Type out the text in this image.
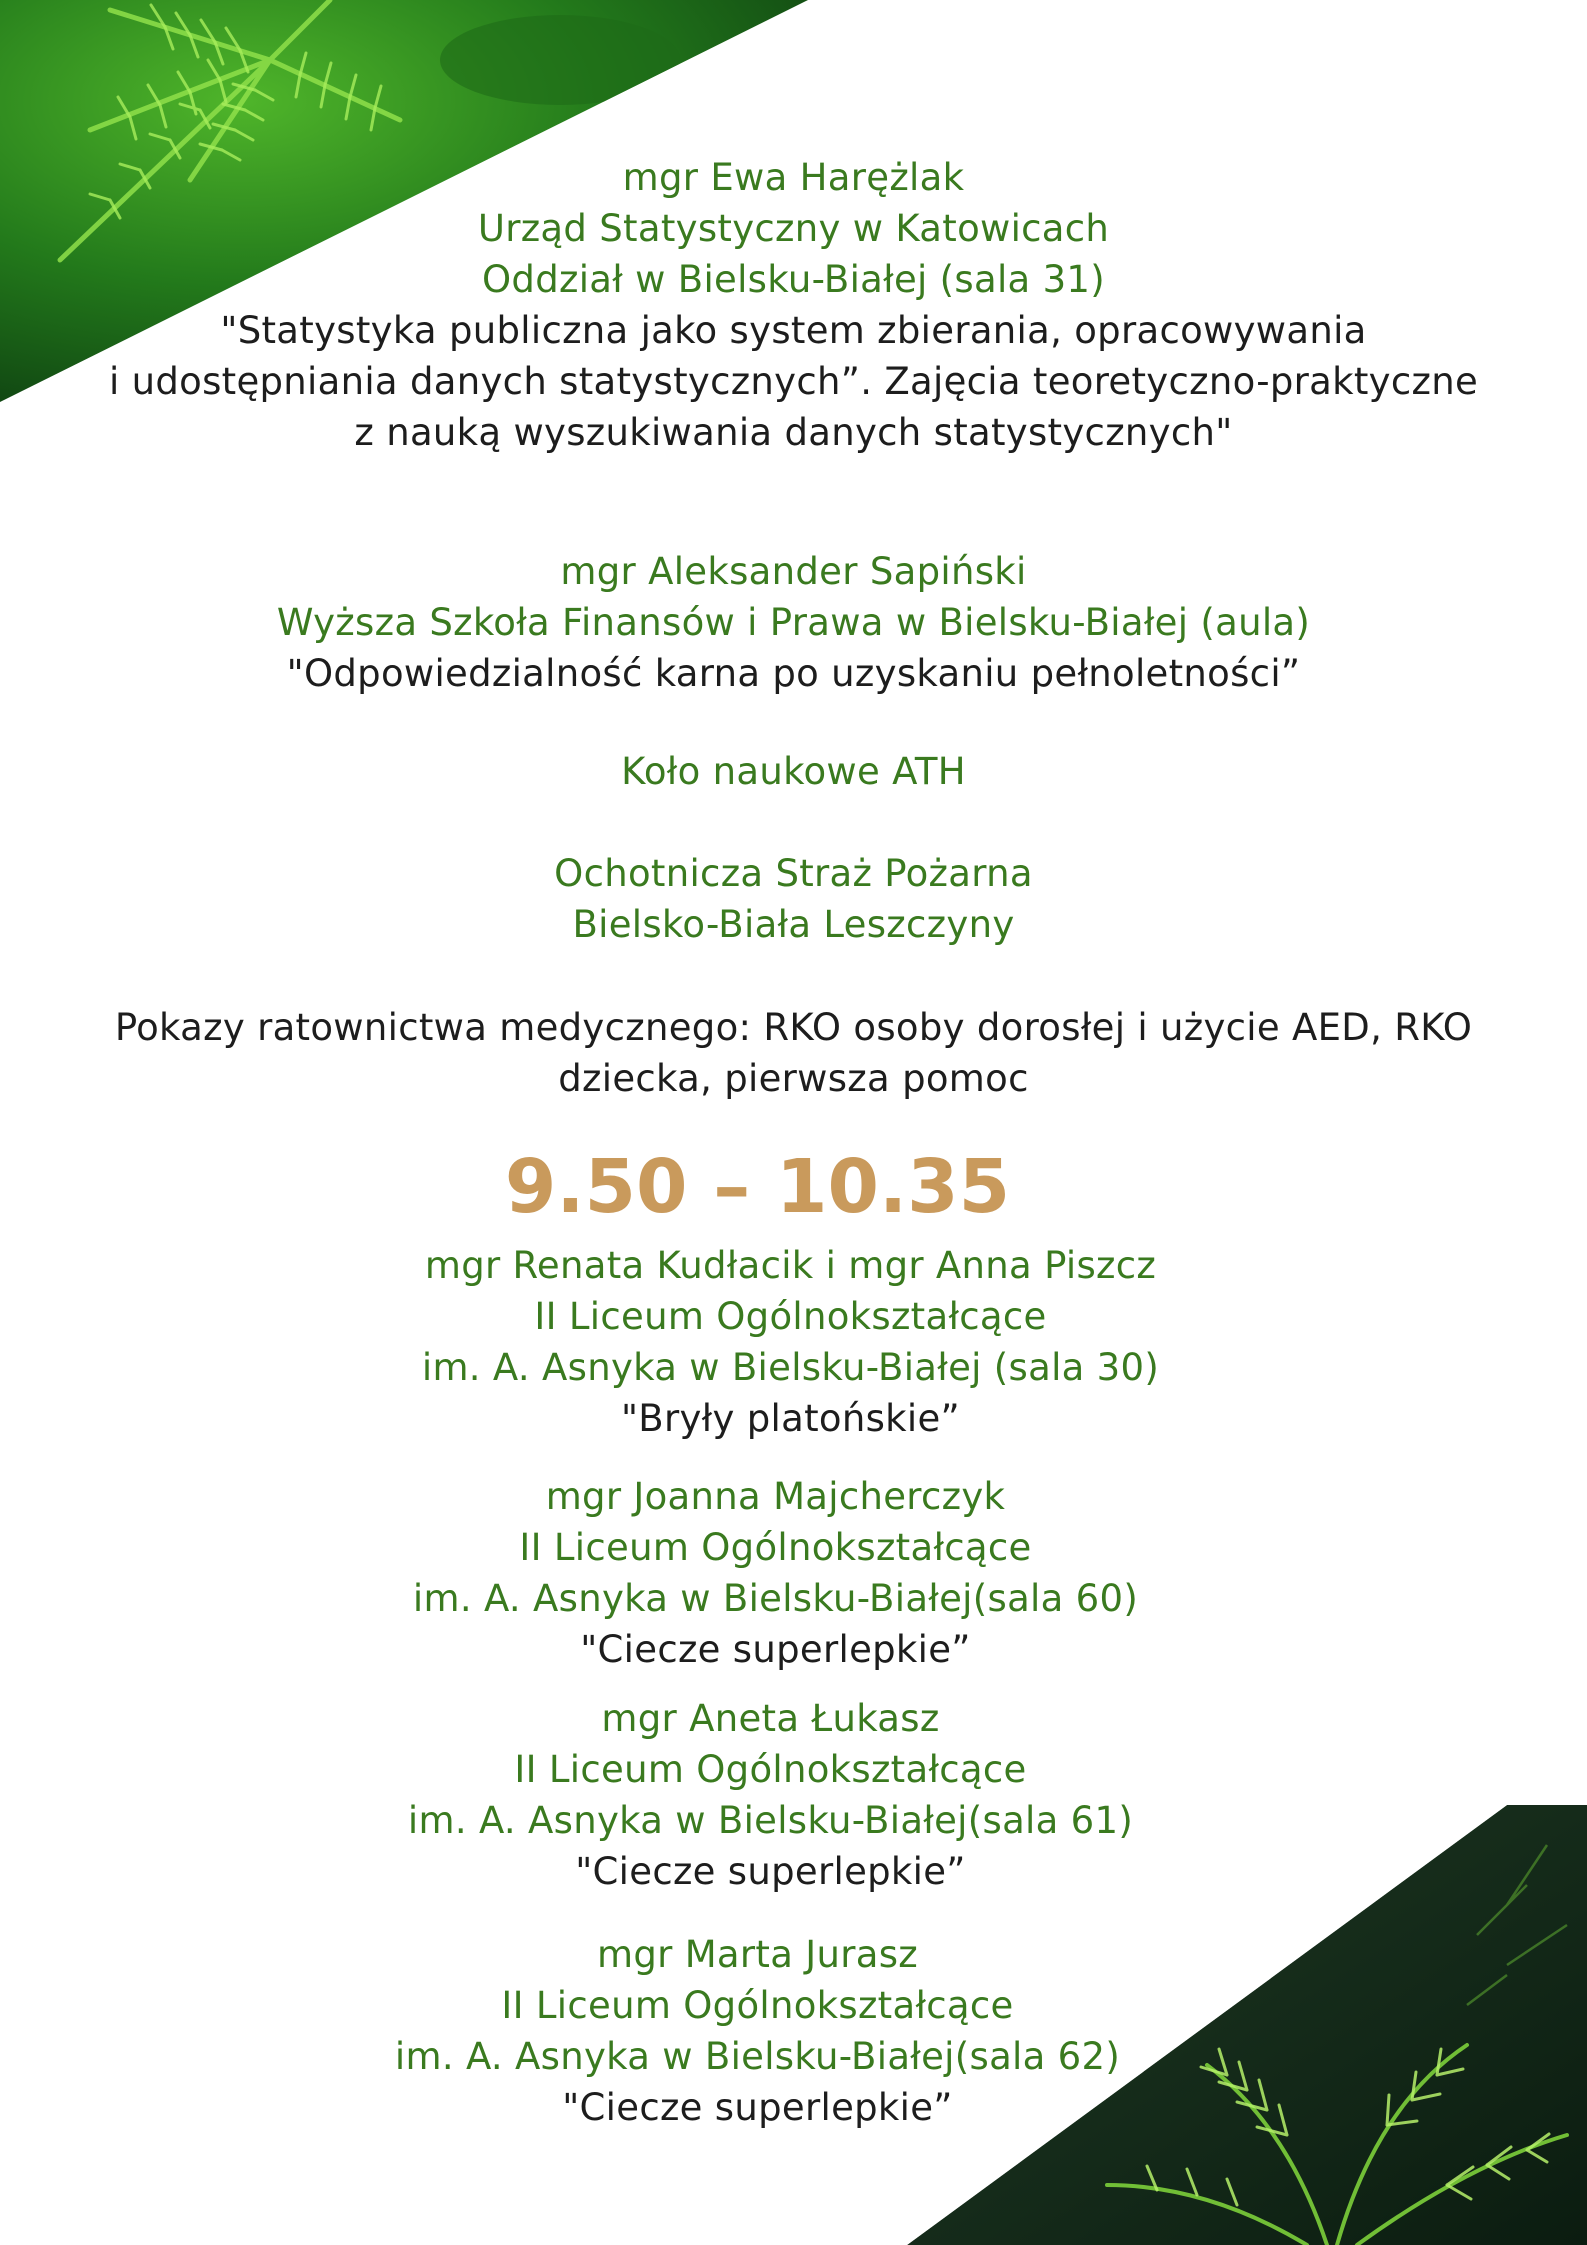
mgr Ewa Harężlak
Urząd Statystyczny w Katowicach
Oddział w Bielsku-Białej (sala 31)
"Statystyka publiczna jako system zbierania, opracowywania
i udostępniania danych statystycznych”. Zajęcia teoretyczno-praktyczne
z nauką wyszukiwania danych statystycznych"
mgr Aleksander Sapiński
Wyższa Szkoła Finansów i Prawa w Bielsku-Białej (aula)
"Odpowiedzialność karna po uzyskaniu pełnoletności”
Koło naukowe ATH
Ochotnicza Straż Pożarna
Bielsko-Biała Leszczyny
Pokazy ratownictwa medycznego: RKO osoby dorosłej i użycie AED, RKO
dziecka, pierwsza pomoc
9.50 – 10.35
mgr Renata Kudłacik i mgr Anna Piszcz
II Liceum Ogólnokształcące
im. A. Asnyka w Bielsku-Białej (sala 30)
"Bryły platońskie”
mgr Joanna Majcherczyk
II Liceum Ogólnokształcące
im. A. Asnyka w Bielsku-Białej(sala 60)
"Ciecze superlepkie”
mgr Aneta Łukasz
II Liceum Ogólnokształcące
im. A. Asnyka w Bielsku-Białej(sala 61)
"Ciecze superlepkie”
mgr Marta Jurasz
II Liceum Ogólnokształcące
im. A. Asnyka w Bielsku-Białej(sala 62)
"Ciecze superlepkie”
